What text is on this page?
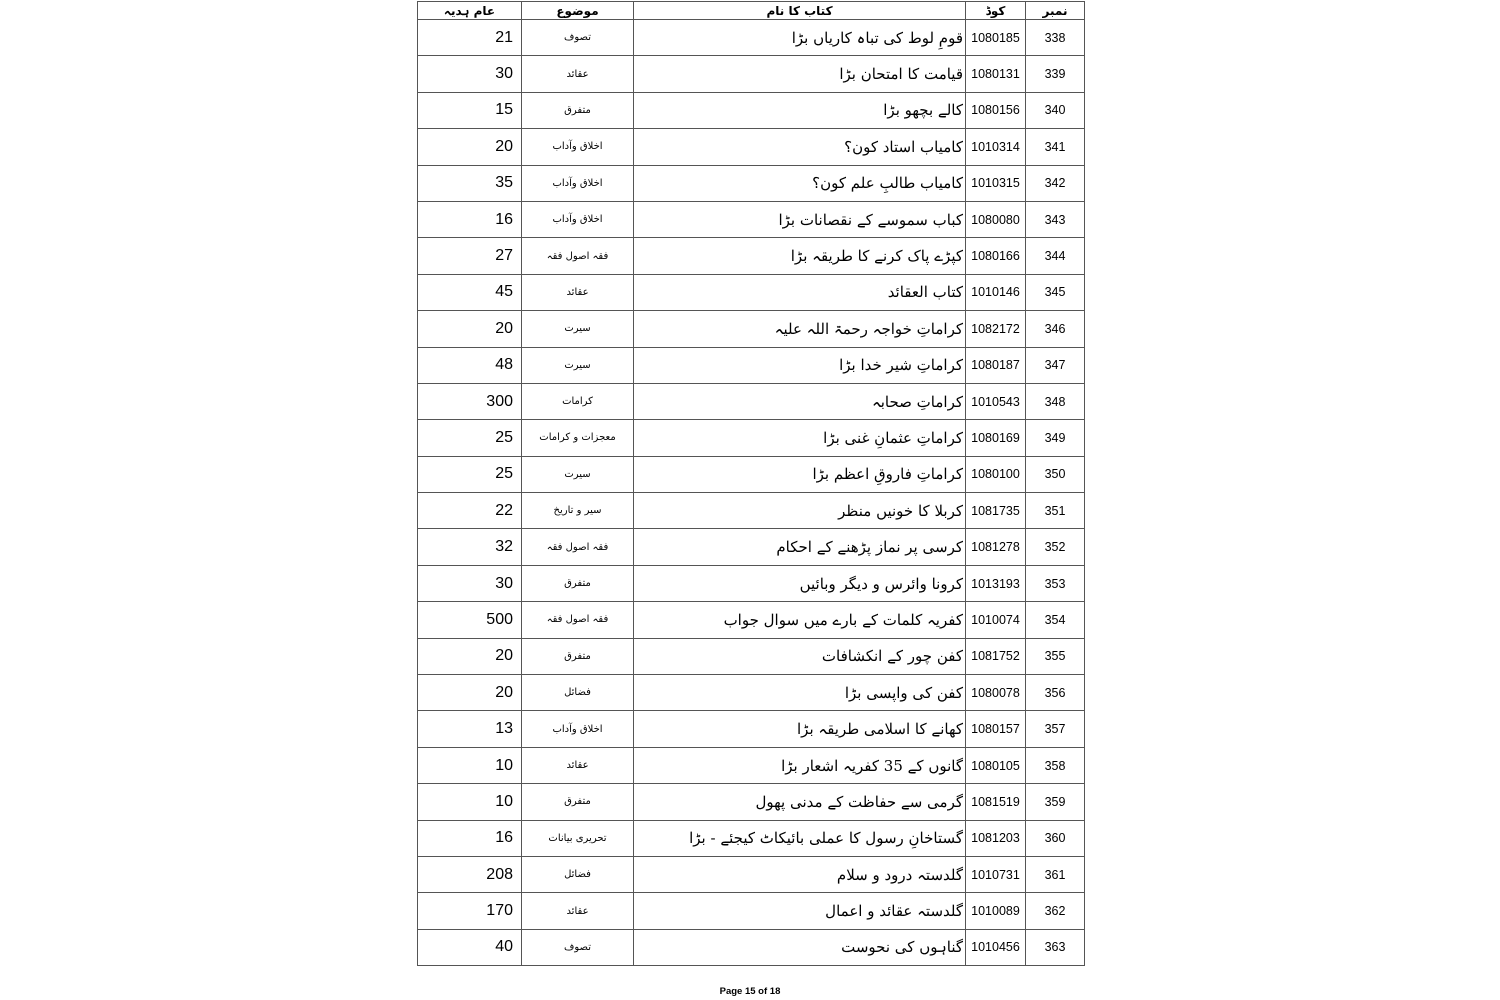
عام ہدیہ	موضوع	کتاب کا نام	کوڈ	نمبر
21	تصوف	قومِ لوط کی تباہ کاریاں بڑا	1080185	338
30	عقائد	قیامت کا امتحان بڑا	1080131	339
15	متفرق	کالے بچھو بڑا	1080156	340
20	اخلاق وآداب	کامیاب استاد کون؟	1010314	341
35	اخلاق وآداب	کامیاب طالبِ علم کون؟	1010315	342
16	اخلاق وآداب	کباب سموسے کے نقصانات بڑا	1080080	343
27	فقہ اصول فقہ	کپڑے پاک کرنے کا طریقہ بڑا	1080166	344
45	عقائد	کتاب العقائد	1010146	345
20	سیرت	کراماتِ خواجہ رحمۃ اللہ علیہ	1082172	346
48	سیرت	کراماتِ شیر خدا بڑا	1080187	347
300	کرامات	کراماتِ صحابہ	1010543	348
25	معجزات و کرامات	کراماتِ عثمانِ غنی بڑا	1080169	349
25	سیرت	کراماتِ فاروقِ اعظم بڑا	1080100	350
22	سیر و تاریخ	کربلا کا خونیں منظر	1081735	351
32	فقہ اصول فقہ	کرسی پر نماز پڑھنے کے احکام	1081278	352
30	متفرق	کرونا وائرس و دیگر وبائیں	1013193	353
500	فقہ اصول فقہ	کفریہ کلمات کے بارے میں سوال جواب	1010074	354
20	متفرق	کفن چور کے انکشافات	1081752	355
20	فضائل	کفن کی واپسی بڑا	1080078	356
13	اخلاق وآداب	کھانے کا اسلامی طریقہ بڑا	1080157	357
10	عقائد	گانوں کے 35 کفریہ اشعار بڑا	1080105	358
10	متفرق	گرمی سے حفاظت کے مدنی پھول	1081519	359
16	تحریری بیانات	گستاخانِ رسول کا عملی بائیکاٹ کیجئے - بڑا	1081203	360
208	فضائل	گلدستہ درود و سلام	1010731	361
170	عقائد	گلدستہ عقائد و اعمال	1010089	362
40	تصوف	گناہوں کی نحوست	1010456	363
Page 15 of 18
